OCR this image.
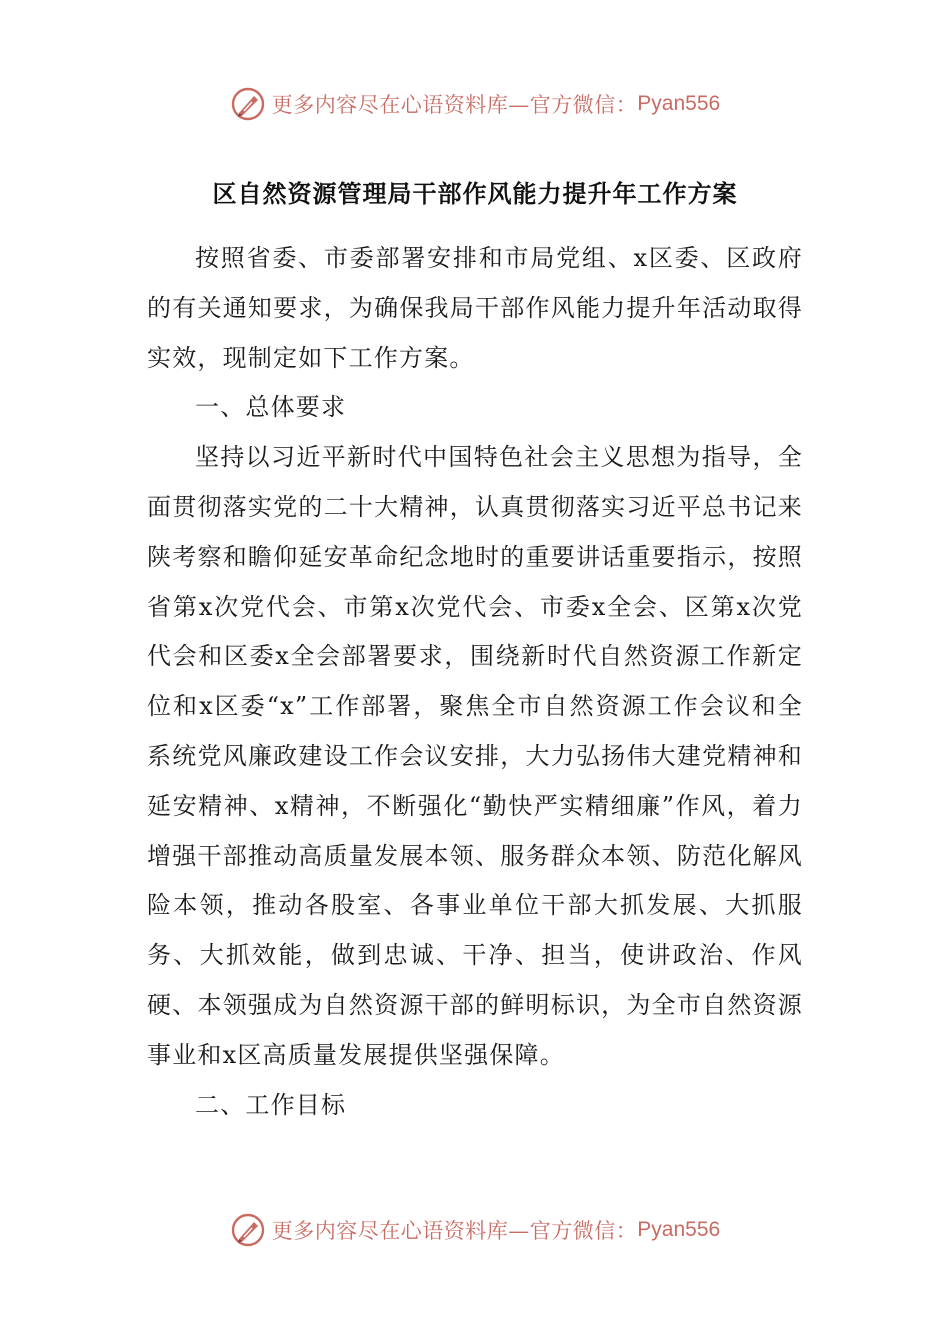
更多内容尽在心语资料库—官方微信： Pyan556
区自然资源管理局干部作风能力提升年工作方案

按照省委、市委部署安排和市局党组、x区委、区政府的有关通知要求，为确保我局干部作风能力提升年活动取得实效，现制定如下工作方案。

一、总体要求

坚持以习近平新时代中国特色社会主义思想为指导，全面贯彻落实党的二十大精神，认真贯彻落实习近平总书记来陕考察和瞻仰延安革命纪念地时的重要讲话重要指示，按照省第x次党代会、市第x次党代会、市委x全会、区第x次党代会和区委x全会部署要求，围绕新时代自然资源工作新定位和x区委“x”工作部署，聚焦全市自然资源工作会议和全系统党风廉政建设工作会议安排，大力弘扬伟大建党精神和延安精神、x精神，不断强化“勤快严实精细廉”作风，着力增强干部推动高质量发展本领、服务群众本领、防范化解风险本领，推动各股室、各事业单位干部大抓发展、大抓服务、大抓效能，做到忠诚、干净、担当，使讲政治、作风硬、本领强成为自然资源干部的鲜明标识，为全市自然资源事业和x区高质量发展提供坚强保障。

二、工作目标

更多内容尽在心语资料库—官方微信： Pyan556
